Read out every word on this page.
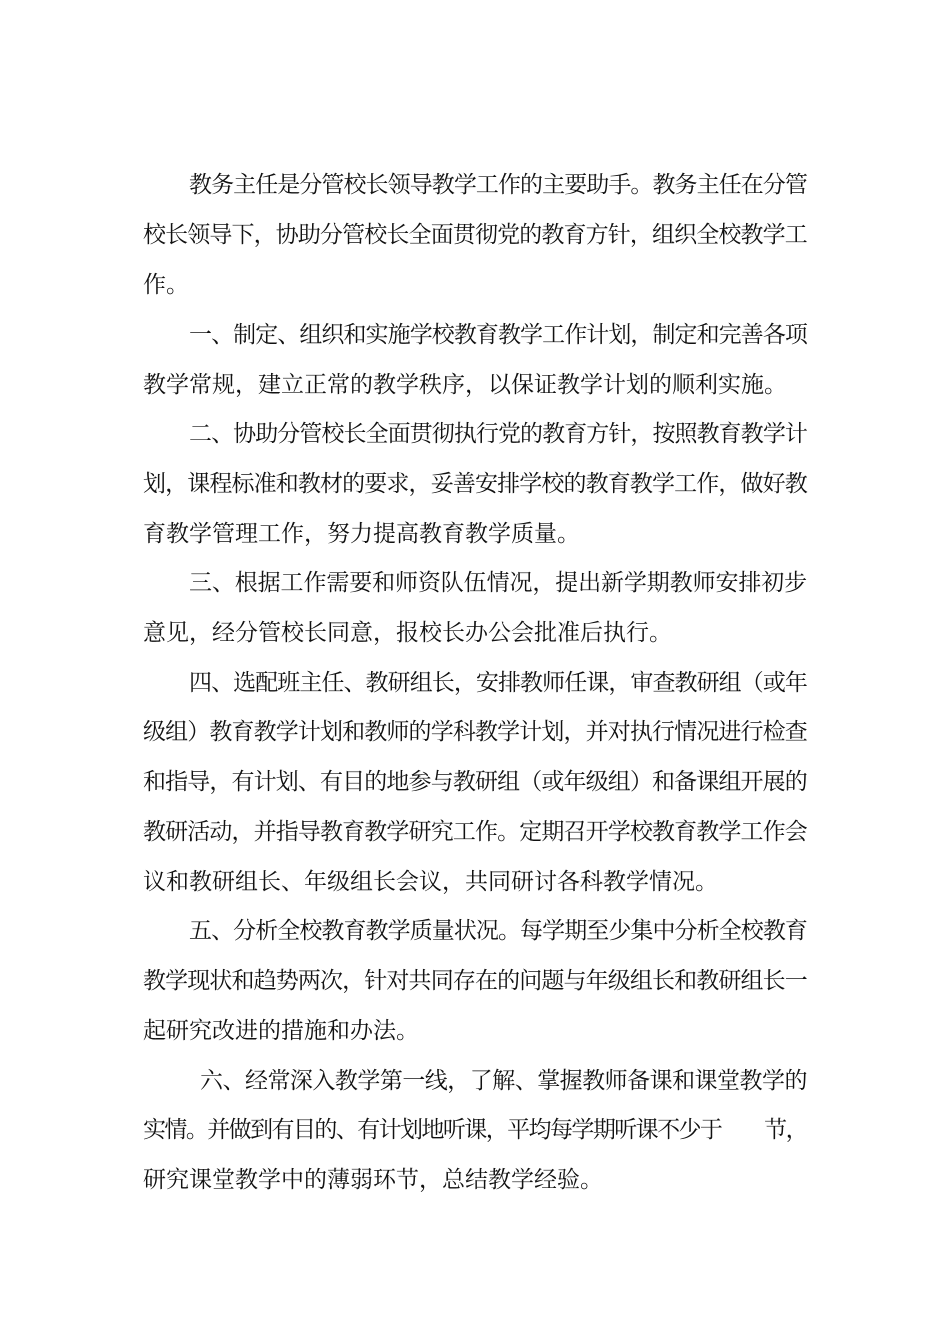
教务主任是分管校长领导教学工作的主要助手。教务主任在分管
校长领导下，协助分管校长全面贯彻党的教育方针，组织全校教学工
作。
一、制定、组织和实施学校教育教学工作计划，制定和完善各项
教学常规，建立正常的教学秩序，以保证教学计划的顺利实施。
二、协助分管校长全面贯彻执行党的教育方针，按照教育教学计
划，课程标准和教材的要求，妥善安排学校的教育教学工作，做好教
育教学管理工作，努力提高教育教学质量。
三、根据工作需要和师资队伍情况，提出新学期教师安排初步
意见，经分管校长同意，报校长办公会批准后执行。
四、选配班主任、教研组长，安排教师任课，审查教研组（或年
级组）教育教学计划和教师的学科教学计划，并对执行情况进行检查
和指导，有计划、有目的地参与教研组（或年级组）和备课组开展的
教研活动，并指导教育教学研究工作。定期召开学校教育教学工作会
议和教研组长、年级组长会议，共同研讨各科教学情况。
五、分析全校教育教学质量状况。每学期至少集中分析全校教育
教学现状和趋势两次，针对共同存在的问题与年级组长和教研组长一
起研究改进的措施和办法。
六、经常深入教学第一线，了解、掌握教师备课和课堂教学的
实情。并做到有目的、有计划地听课，平均每学期听课不少于　　节，
研究课堂教学中的薄弱环节，总结教学经验。
